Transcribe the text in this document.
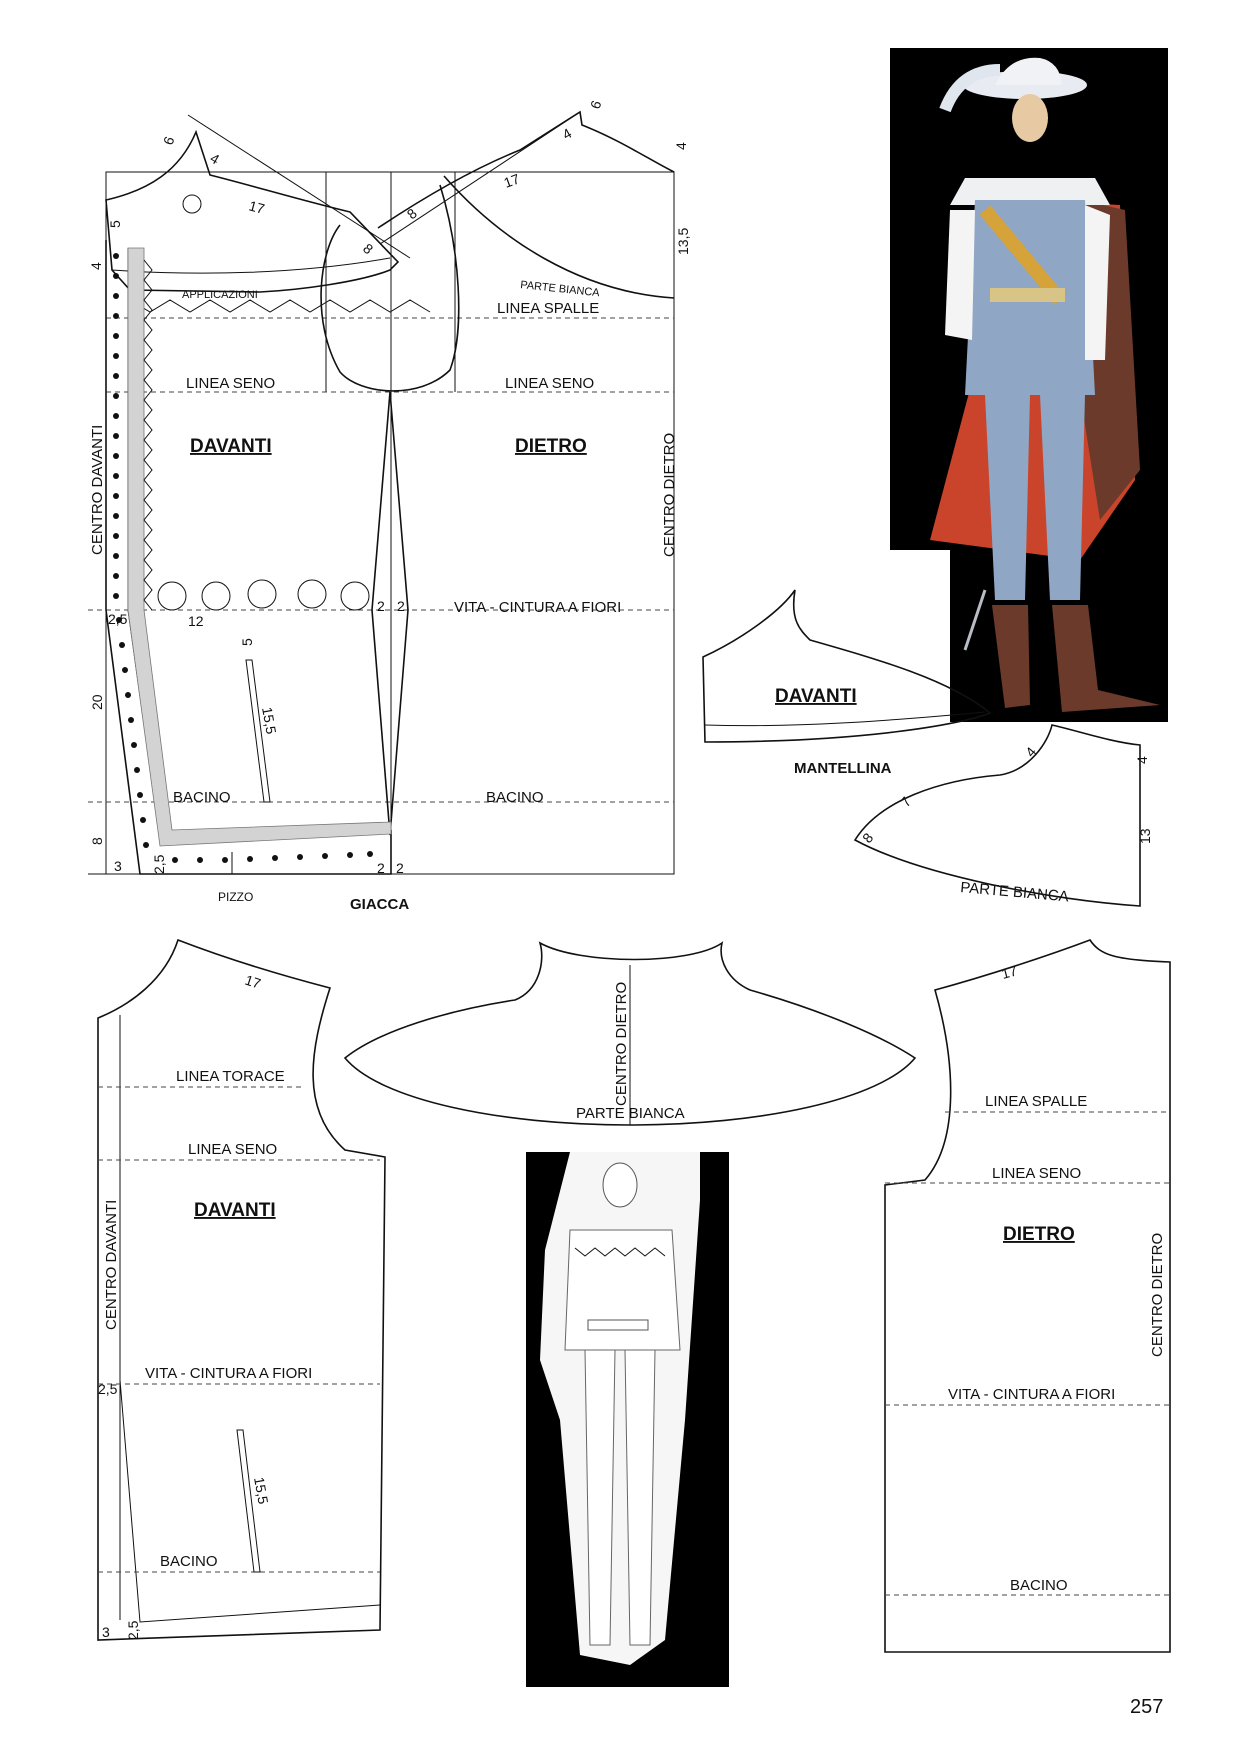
LINEA SENO	LINEA SENO
LINEA SPALLE
APPLICAZIONI	PARTE BIANCA
DAVANTI	DIETRO
VITA - CINTURA A FIORI
BACINO	BACINO
CENTRO DAVANTI	CENTRO DIETRO
PIZZO	GIACCA
6
4
17
5
4
8
8
17
4
6
4
13,5
2,5	12
5
20
15,5
8
3 2,5
2 2
2 2
DAVANTI
MANTELLINA
4
4
7
8	13
PARTE BIANCA
17
LINEA TORACE
LINEA SENO
DAVANTI
CENTRO DAVANTI
VITA - CINTURA A FIORI
2,5
15,5
BACINO
3 2,5
CENTRO DIETRO
PARTE BIANCA
17
LINEA SPALLE
LINEA SENO
DIETRO	CENTRO DIETRO
VITA - CINTURA A FIORI
BACINO
257
